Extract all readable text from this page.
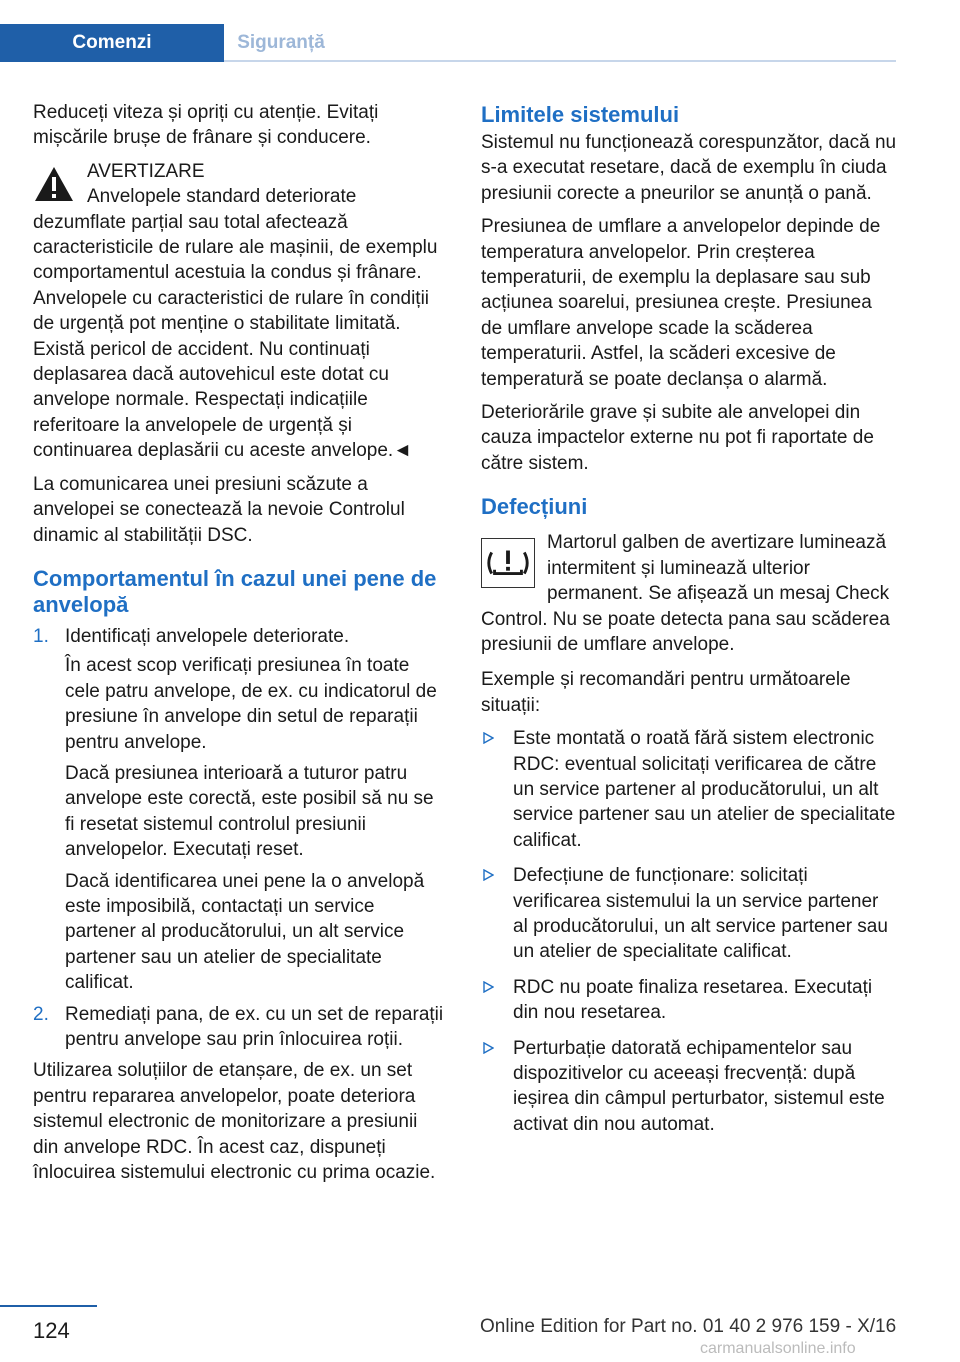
Comenzi	Siguranță

Reduceți viteza și opriți cu atenție. Evitați mișcările brușe de frânare și conducere.

AVERTIZARE
Anvelopele standard deteriorate dezumflate parțial sau total afectează caracteristicile de rulare ale mașinii, de exemplu comportamentul acestuia la condus și frânare. Anvelopele cu caracteristici de rulare în condiții de urgență pot menține o stabilitate limitată. Există pericol de accident. Nu continuați deplasarea dacă autovehicul este dotat cu anvelope normale. Respectați indicațiile referitoare la anvelopele de urgență și continuarea deplasării cu aceste anvelope.◄

La comunicarea unei presiuni scăzute a anvelopei se conectează la nevoie Controlul dinamic al stabilității DSC.

Comportamentul în cazul unei pene de anvelopă
1. Identificați anvelopele deteriorate.
În acest scop verificați presiunea în toate cele patru anvelope, de ex. cu indicatorul de presiune în anvelope din setul de reparații pentru anvelope.
Dacă presiunea interioară a tuturor patru anvelope este corectă, este posibil să nu se fi resetat sistemul controlul presiunii anvelopelor. Executați reset.
Dacă identificarea unei pene la o anvelopă este imposibilă, contactați un service partener al producătorului, un alt service partener sau un atelier de specialitate calificat.
2. Remediați pana, de ex. cu un set de reparații pentru anvelope sau prin înlocuirea roții.

Utilizarea soluțiilor de etanșare, de ex. un set pentru repararea anvelopelor, poate deteriora sistemul electronic de monitorizare a presiunii din anvelope RDC. În acest caz, dispuneți înlocuirea sistemului electronic cu prima ocazie.

Limitele sistemului

Sistemul nu funcționează corespunzător, dacă nu s-a executat resetare, dacă de exemplu în ciuda presiunii corecte a pneurilor se anunță o pană.

Presiunea de umflare a anvelopelor depinde de temperatura anvelopelor. Prin creșterea temperaturii, de exemplu la deplasare sau sub acțiunea soarelui, presiunea crește. Presiunea de umflare anvelope scade la scăderea temperaturii. Astfel, la scăderi excesive de temperatură se poate declanșa o alarmă.

Deteriorările grave și subite ale anvelopei din cauza impactelor externe nu pot fi raportate de către sistem.

Defecțiuni
Martorul galben de avertizare luminează intermitent și luminează ulterior permanent. Se afișează un mesaj Check Control. Nu se poate detecta pana sau scăderea presiunii de umflare anvelope.

Exemple și recomandări pentru următoarele situații:

Este montată o roată fără sistem electronic RDC: eventual solicitați verificarea de către un service partener al producătorului, un alt service partener sau un atelier de specialitate calificat.
Defecțiune de funcționare: solicitați verificarea sistemului la un service partener al producătorului, un alt service partener sau un atelier de specialitate calificat.
RDC nu poate finaliza resetarea. Executați din nou resetarea.
Perturbație datorată echipamentelor sau dispozitivelor cu aceeași frecvență: după ieșirea din câmpul perturbator, sistemul este activat din nou automat.
124	Online Edition for Part no. 01 40 2 976 159 - X/16
carmanualsonline.info
